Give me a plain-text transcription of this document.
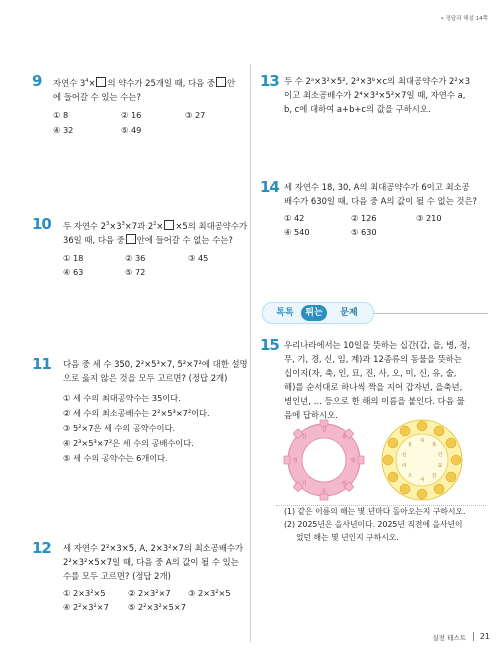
• 정답과 해설 14쪽
9 자연수 $3^4\times$ 의 약수가 25개일 때, 다음 중 안
에 들어갈 수 있는 수는?
① 8	② 16	③ 27
④ 32	⑤ 49
10 두 자연수 $2^3\times 3^3\times 7$과 $2^2\times \times 5$의 최대공약수가
36일 때, 다음 중 안에 들어갈 수 없는 수는?
① 18	② 36	③ 45
④ 63	⑤ 72
11 다음 중 세 수 350, 2²×5³×7, 5²×7²에 대한 설명
으로 옳지 않은 것을 모두 고르면? (정답 2개)
① 세 수의 최대공약수는 35이다.
② 세 수의 최소공배수는 2²×5³×7²이다.
③ 5²×7은 세 수의 공약수이다.
④ 2³×5³×7²은 세 수의 공배수이다.
⑤ 세 수의 공약수는 6개이다.
12 세 자연수 2²×3×5, A, 2×3²×7의 최소공배수가
2²×3²×5×7일 때, 다음 중 A의 값이 될 수 있는
수를 모두 고르면? (정답 2개)
① 2×3²×5	② 2×3²×7 ③ 2×3²×5
④ 2²×3²×7 ⑤ 2²×3²×5×7
13 두 수 2ᵃ×3²×5², 2³×3ᵇ×c의 최대공약수가 2²×3
이고 최소공배수가 2⁴×3³×5²×7일 때, 자연수 a,
b, c에 대하여 a+b+c의 값을 구하시오.
14 세 자연수 18, 30, A의 최대공약수가 6이고 최소공
배수가 630일 때, 다음 중 A의 값이 될 수 없는 것은?
① 42	② 126	③ 210
④ 540	⑤ 630
톡톡	튀는	문제
15 우리나라에서는 10일을 뜻하는 십간(갑, 을, 병, 정,
무, 기, 경, 신, 임, 계)과 12종류의 동물을 뜻하는
십이지(자, 축, 인, 묘, 진, 사, 오, 미, 신, 유, 술,
해)를 순서대로 하나씩 짝을 지어 갑자년, 을축년,
병인년, … 등으로 한 해의 이름을 붙인다. 다음 물
음에 답하시오.
갑
을
병
정
무
기
경
신
자
축
인
묘
진
사
오
미
신
유
(1) 같은 이름의 해는 몇 년마다 돌아오는지 구하시오.
(2) 2025년은 을사년이다. 2025년 직전에 을사년이
었던 해는 몇 년인지 구하시오.
실전 테스트 21
